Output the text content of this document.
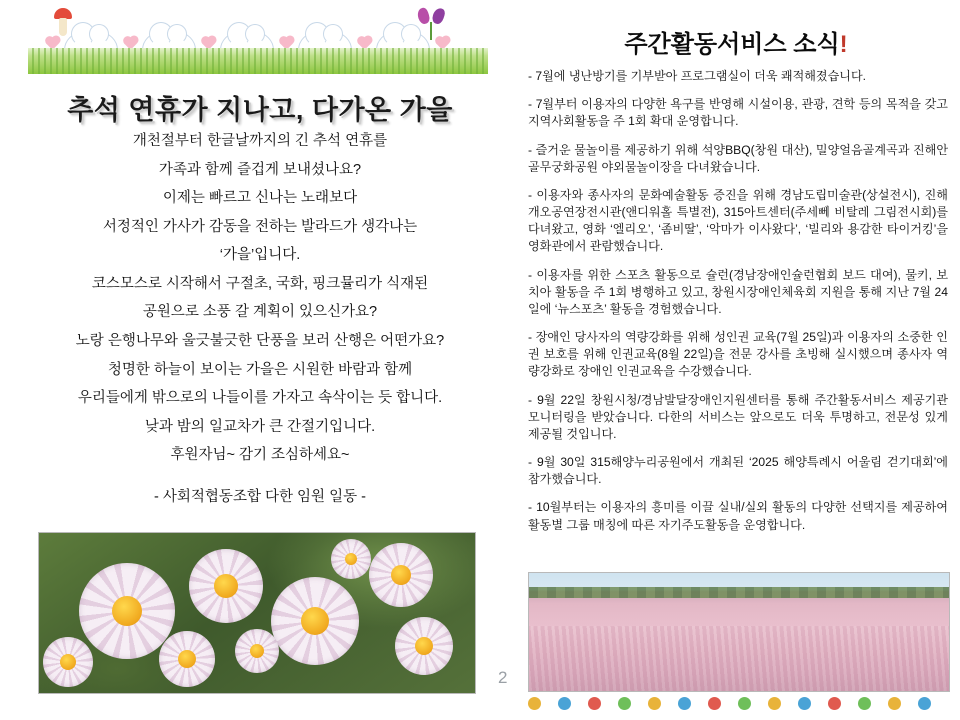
추석 연휴가 지나고, 다가온 가을

개천절부터 한글날까지의 긴 추석 연휴를

가족과 함께 즐겁게 보내셨나요?

이제는 빠르고 신나는 노래보다

서정적인 가사가 감동을 전하는 발라드가 생각나는

‘가을’입니다.

코스모스로 시작해서 구절초, 국화, 핑크뮬리가 식재된

공원으로 소풍 갈 계획이 있으신가요?

노랑 은행나무와 울긋불긋한 단풍을 보러 산행은 어떤가요?

청명한 하늘이 보이는 가을은 시원한 바람과 함께

우리들에게 밖으로의 나들이를 가자고 속삭이는 듯 합니다.

낮과 밤의 일교차가 큰 간절기입니다.

후원자님~ 감기 조심하세요~

- 사회적협동조합 다한 임원 일동 -

2
주간활동서비스 소식!

- 7월에 냉난방기를 기부받아 프로그램실이 더욱 쾌적해졌습니다.

- 7월부터 이용자의 다양한 욕구를 반영해 시설이용, 관광, 견학 등의 목적을 갖고 지역사회활동을 주 1회 확대 운영합니다.

- 즐거운 물놀이를 제공하기 위해 석양BBQ(창원 대산), 밀양얼음골계곡과 진해안골무궁화공원 야외물놀이장을 다녀왔습니다.

- 이용자와 종사자의 문화예술활동 증진을 위해 경남도립미술관(상설전시), 진해개오공연장전시관(앤디워홀 특별전), 315아트센터(주세뻬 비탈레 그림전시회)를 다녀왔고, 영화 ‘엘리오’, ‘좀비딸’, ‘악마가 이사왔다’, ‘빌리와 용감한 타이거킹’을 영화관에서 관람했습니다.

- 이용자를 위한 스포츠 활동으로 슐런(경남장애인슐런협회 보드 대여), 물키, 보치아 활동을 주 1회 병행하고 있고, 창원시장애인체육회 지원을 통해 지난 7월 24일에 ‘뉴스포츠’ 활동을 경험했습니다.

- 장애인 당사자의 역량강화를 위해 성인권 교육(7월 25일)과 이용자의 소중한 인권 보호를 위해 인권교육(8월 22일)을 전문 강사를 초빙해 실시했으며 종사자 역량강화로 장애인 인권교육을 수강했습니다.

- 9월 22일 창원시청/경남발달장애인지원센터를 통해 주간활동서비스 제공기관 모니터링을 받았습니다. 다한의 서비스는 앞으로도 더욱 투명하고, 전문성 있게 제공될 것입니다.

- 9월 30일 315해양누리공원에서 개최된 ‘2025 해양특례시 어울림 걷기대회’에 참가했습니다.

- 10월부터는 이용자의 흥미를 이끌 실내/실외 활동의 다양한 선택지를 제공하여 활동별 그룹 매칭에 따른 자기주도활동을 운영합니다.
